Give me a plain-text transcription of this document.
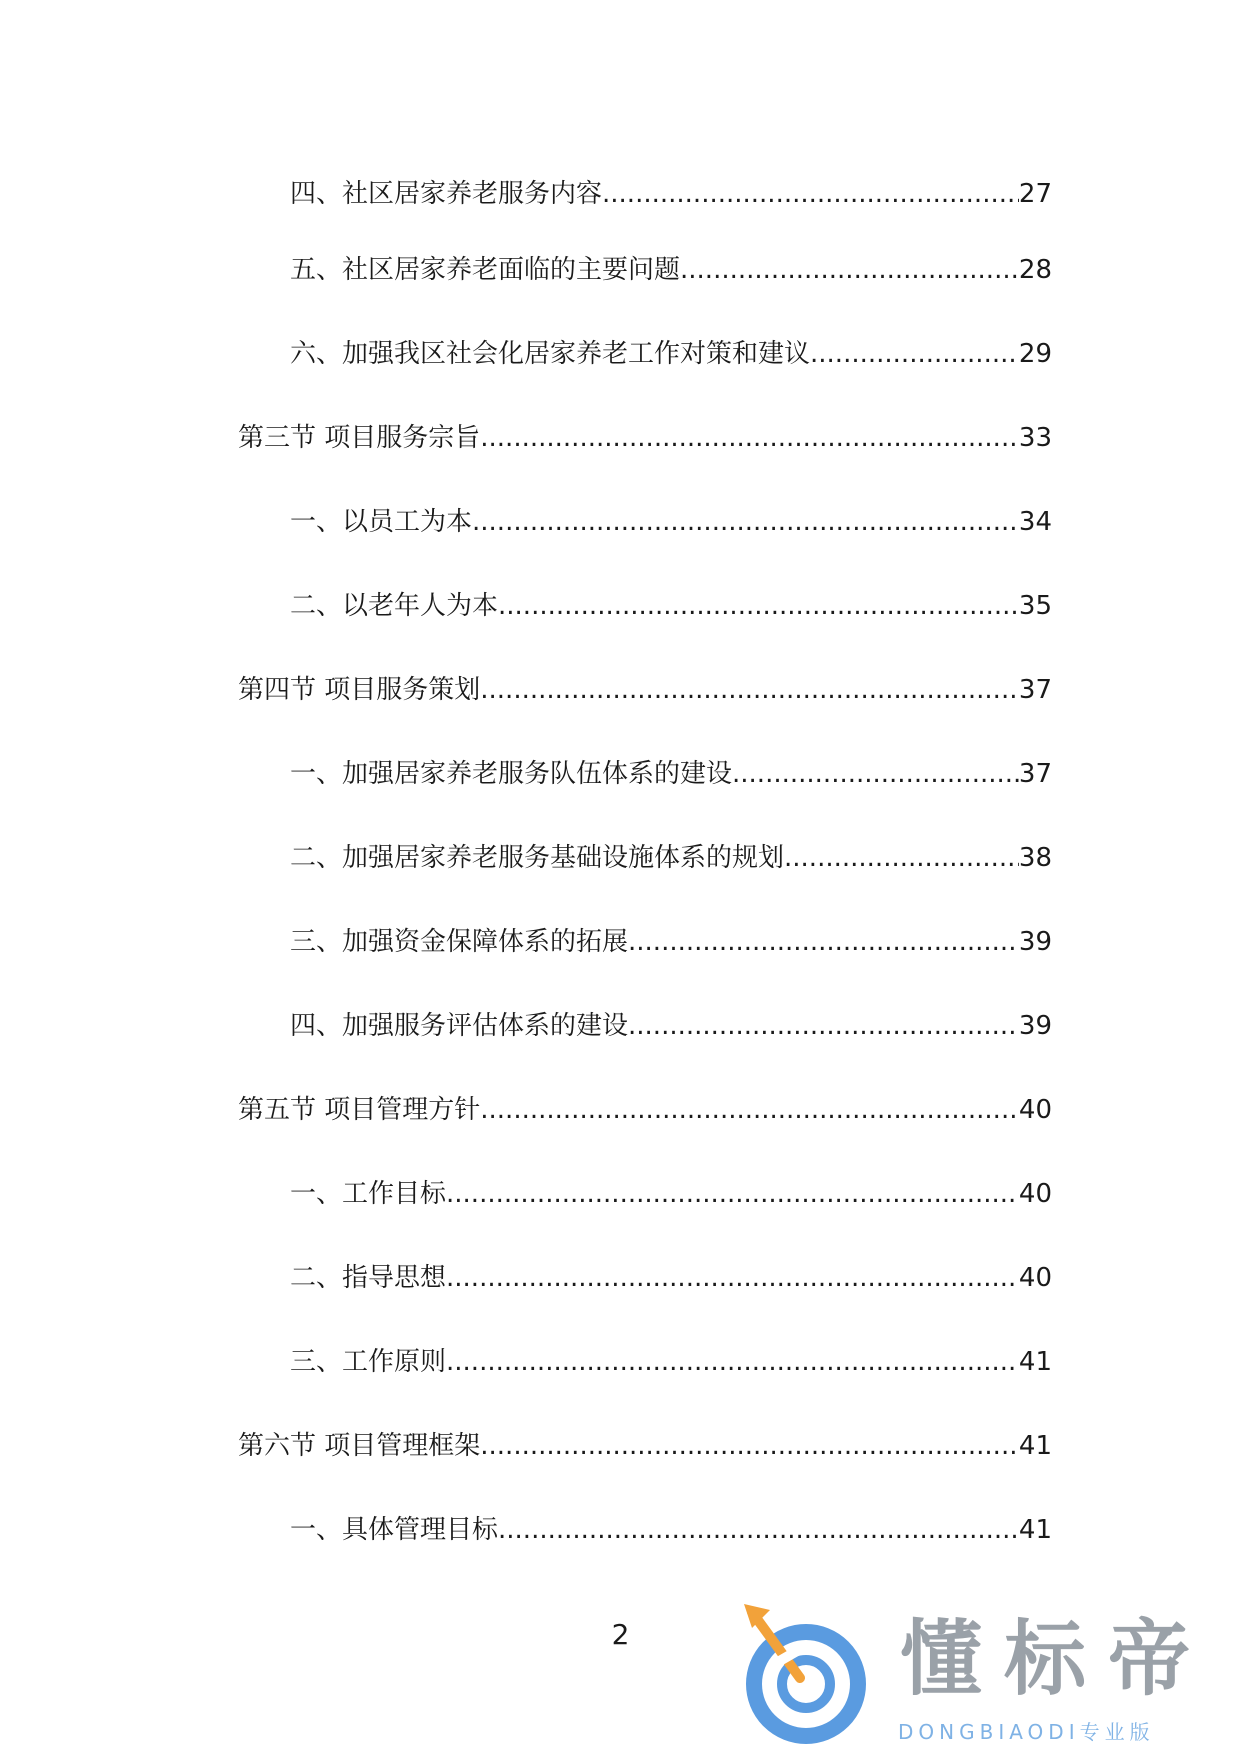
四、社区居家养老服务内容 .....	27
五、社区居家养老面临的主要问题 .....	28
六、加强我区社会化居家养老工作对策和建议 .....	29
第三节 项目服务宗旨 .....	33
一、以员工为本 .....	34
二、以老年人为本 .....	35
第四节 项目服务策划 .....	37
一、加强居家养老服务队伍体系的建设 .....	37
二、加强居家养老服务基础设施体系的规划 .....	38
三、加强资金保障体系的拓展 .....	39
四、加强服务评估体系的建设 .....	39
第五节 项目管理方针 .....	40
一、工作目标 .....	40
二、指导思想 .....	40
三、工作原则 .....	41
第六节 项目管理框架 .....	41
一、具体管理目标 .....	41
2	懂标帝
DONGBIAODI专业版
